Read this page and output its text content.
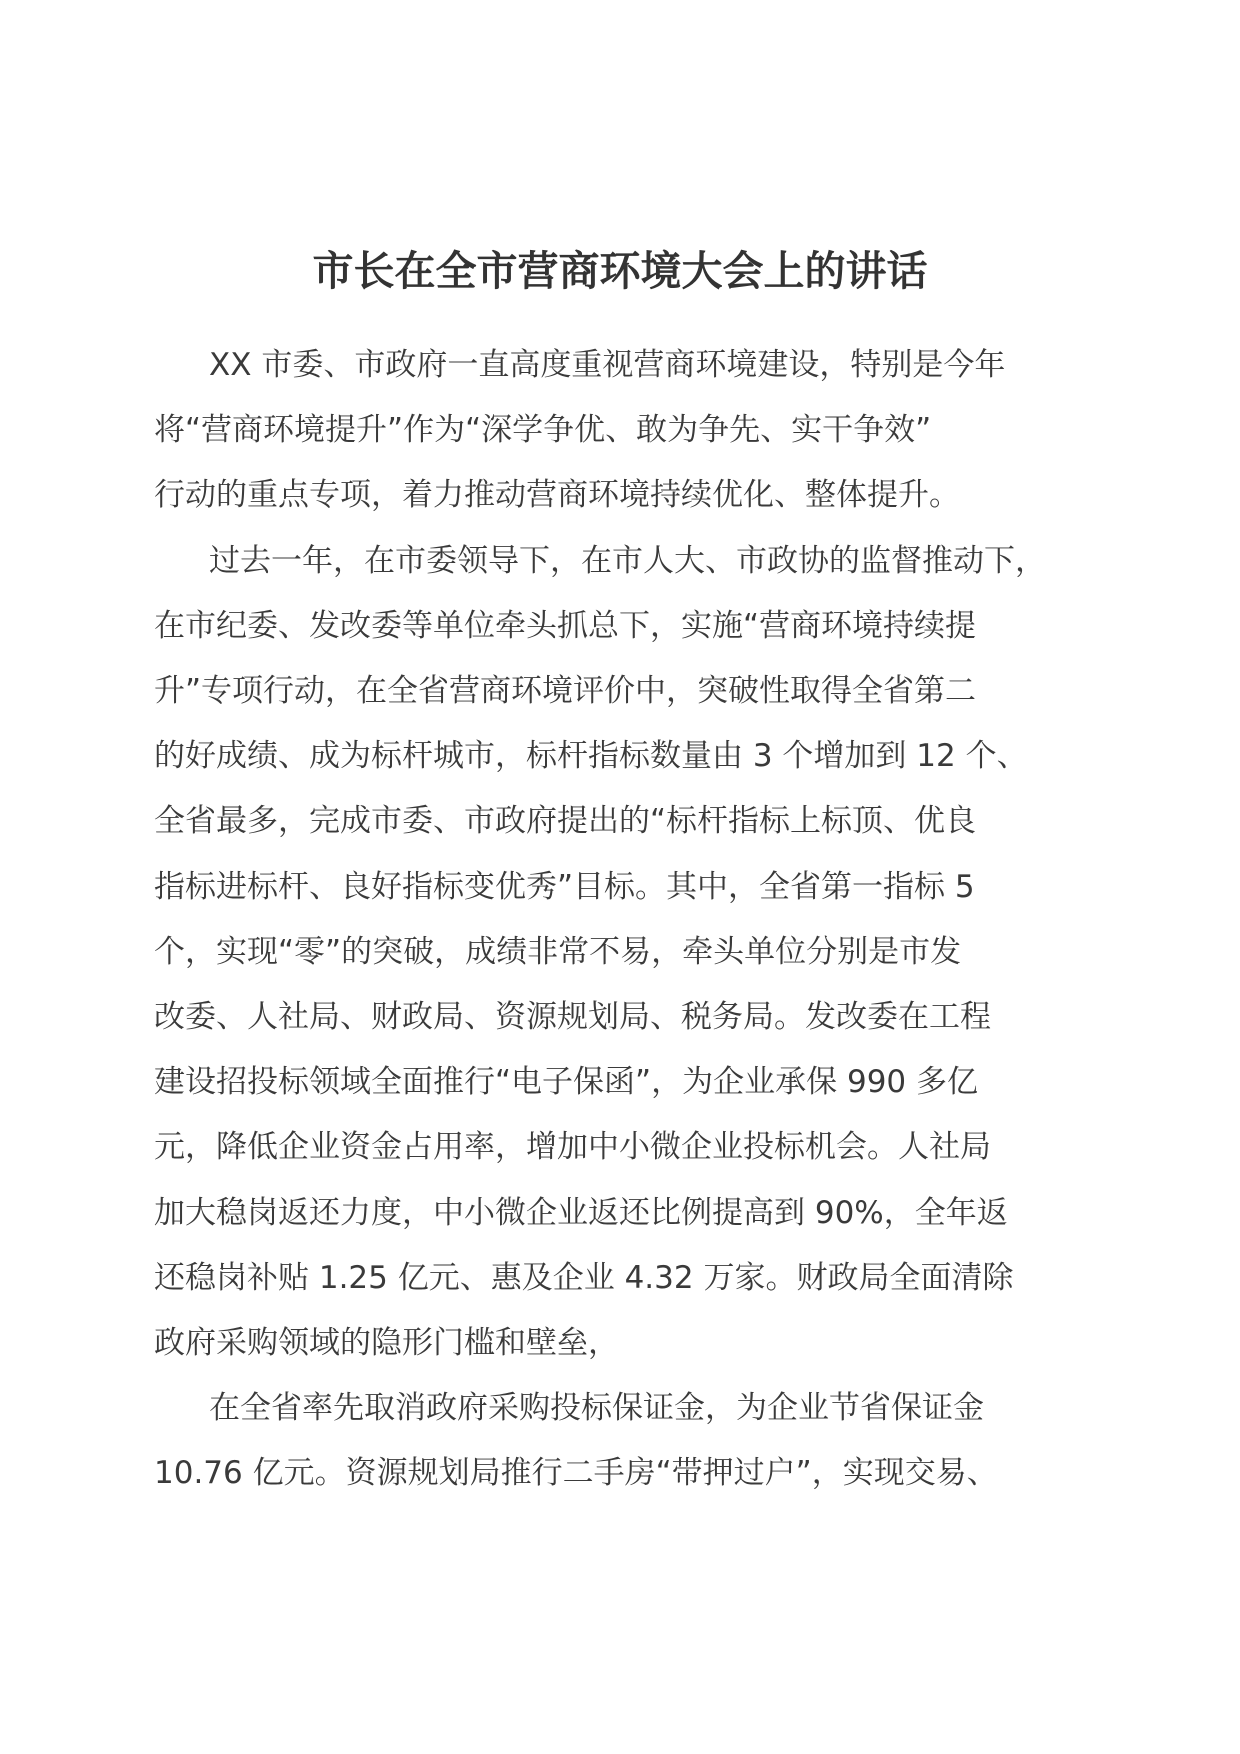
市长在全市营商环境大会上的讲话

XX 市委、市政府一直高度重视营商环境建设，特别是今年
将“营商环境提升”作为“深学争优、敢为争先、实干争效”
行动的重点专项，着力推动营商环境持续优化、整体提升。

过去一年，在市委领导下，在市人大、市政协的监督推动下，
在市纪委、发改委等单位牵头抓总下，实施“营商环境持续提
升”专项行动，在全省营商环境评价中，突破性取得全省第二
的好成绩、成为标杆城市，标杆指标数量由 3 个增加到 12 个、
全省最多，完成市委、市政府提出的“标杆指标上标顶、优良
指标进标杆、良好指标变优秀”目标。其中，全省第一指标 5
个，实现“零”的突破，成绩非常不易，牵头单位分别是市发
改委、人社局、财政局、资源规划局、税务局。发改委在工程
建设招投标领域全面推行“电子保函”，为企业承保 990 多亿
元，降低企业资金占用率，增加中小微企业投标机会。人社局
加大稳岗返还力度，中小微企业返还比例提高到 90%，全年返
还稳岗补贴 1.25 亿元、惠及企业 4.32 万家。财政局全面清除
政府采购领域的隐形门槛和壁垒，

在全省率先取消政府采购投标保证金，为企业节省保证金
10.76 亿元。资源规划局推行二手房“带押过户”，实现交易、
